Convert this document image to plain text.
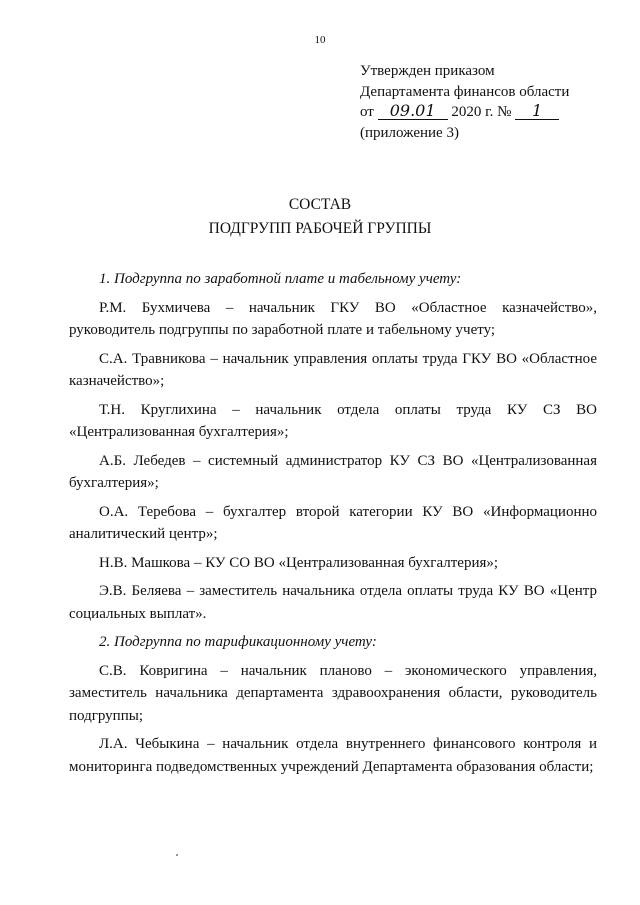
10
Утвержден приказом
Департамента финансов области
от 09.01 2020 г. № 1
(приложение 3)
СОСТАВ
ПОДГРУПП РАБОЧЕЙ ГРУППЫ

1. Подгруппа по заработной плате и табельному учету:

Р.М. Бухмичева – начальник ГКУ ВО «Областное казначейство», руководитель подгруппы по заработной плате и табельному учету;

С.А. Травникова – начальник управления оплаты труда ГКУ ВО «Областное казначейство»;

Т.Н. Круглихина – начальник отдела оплаты труда КУ СЗ ВО «Централизованная бухгалтерия»;

А.Б. Лебедев – системный администратор КУ СЗ ВО «Централизованная бухгалтерия»;

О.А. Теребова – бухгалтер второй категории КУ ВО «Информационно аналитический центр»;

Н.В. Машкова – КУ СО ВО «Централизованная бухгалтерия»;

Э.В. Беляева – заместитель начальника отдела оплаты труда КУ ВО «Центр социальных выплат».

2. Подгруппа по тарификационному учету:

С.В. Ковригина – начальник планово – экономического управления, заместитель начальника департамента здравоохранения области, руководитель подгруппы;

Л.А. Чебыкина – начальник отдела внутреннего финансового контроля и мониторинга подведомственных учреждений Департамента образования области;
